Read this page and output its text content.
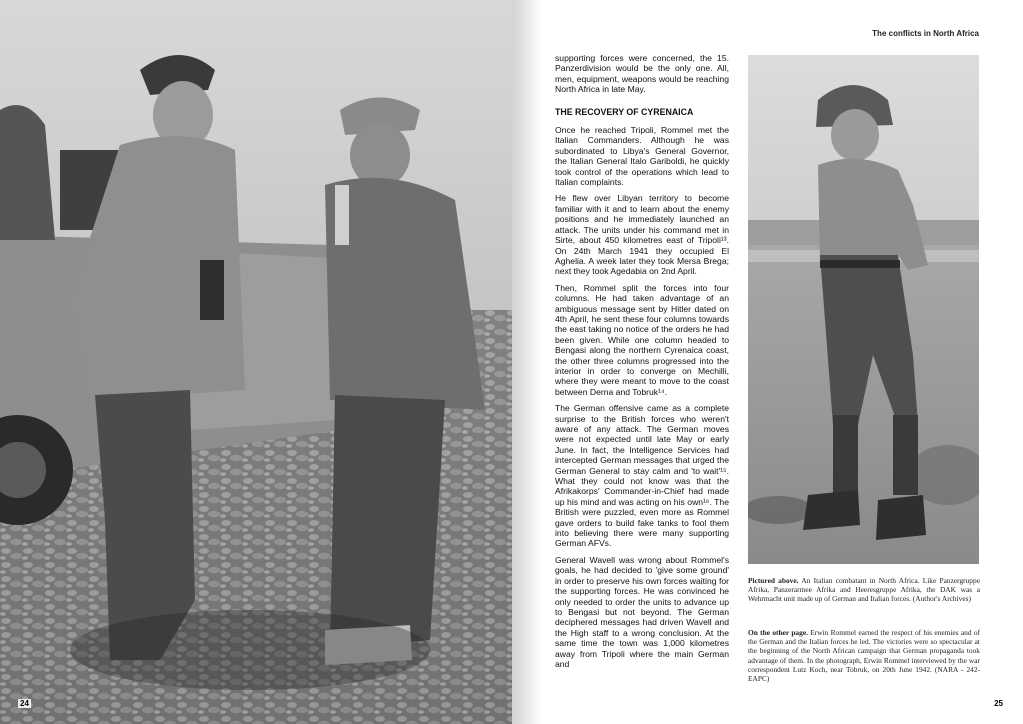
24
The conflicts in North Africa

supporting forces were concerned, the 15. Panzerdivision would be the only one. All, men, equipment, weapons would be reaching North Africa in late May.

THE RECOVERY OF CYRENAICA

Once he reached Tripoli, Rommel met the Italian Commanders. Although he was subordinated to Libya's General Governor, the Italian General Italo Gariboldi, he quickly took control of the operations which lead to Italian complaints.

He flew over Libyan territory to become familiar with it and to learn about the enemy positions and he immediately launched an attack. The units under his command met in Sirte, about 450 kilometres east of Tripoli¹³. On 24th March 1941 they occupied El Aghelia. A week later they took Mersa Brega; next they took Agedabia on 2nd April.

Then, Rommel split the forces into four columns. He had taken advantage of an ambiguous message sent by Hitler dated on 4th April, he sent these four columns towards the east taking no notice of the orders he had been given. While one column headed to Bengasi along the northern Cyrenaica coast, the other three columns progressed into the interior in order to converge on Mechilli, where they were meant to move to the coast between Derna and Tobruk¹⁴.

The German offensive came as a complete surprise to the British forces who weren't aware of any attack. The German moves were not expected until late May or early June. In fact, the Intelligence Services had intercepted German messages that urged the German General to stay calm and 'to wait'¹⁵. What they could not know was that the Afrikakorps' Commander-in-Chief had made up his mind and was acting on his own¹⁶. The British were puzzled, even more as Rommel gave orders to build fake tanks to fool them into believing there were many supporting German AFVs.

General Wavell was wrong about Rommel's goals, he had decided to 'give some ground' in order to preserve his own forces waiting for the supporting forces. He was convinced he only needed to order the units to advance up to Bengasi but not beyond. The German deciphered messages had driven Wavell and the High staff to a wrong conclusion. At the same time the town was 1,000 kilometres away from Tripoli where the main German and

Pictured above. An Italian combatant in North Africa. Like Panzergruppe Afrika, Panzerarmee Afrika and Heeresgruppe Afrika, the DAK was a Wehrmacht unit made up of German and Italian forces. (Author's Archives)
On the other page. Erwin Rommel earned the respect of his enemies and of the German and the Italian forces he led. The victories were so spectacular at the beginning of the North African campaign that German propaganda took advantage of them. In the photograph, Erwin Rommel interviewed by the war correspondent Lutz Koch, near Tobruk, on 20th June 1942. (NARA - 242-EAPC)
25
